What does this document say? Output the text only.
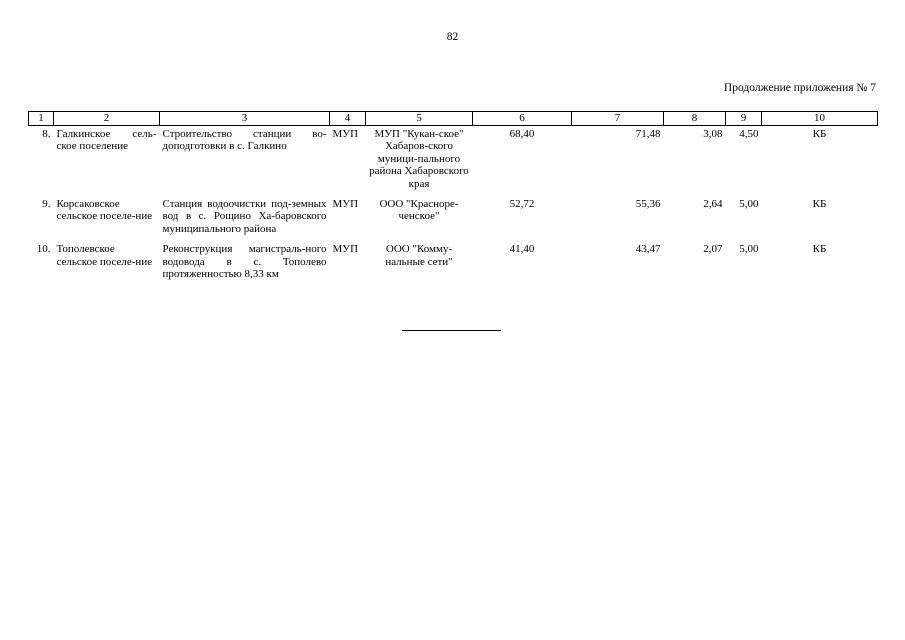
82
Продолжение приложения № 7
1	2	3	4	5	6	7	8	9	10
8.	Галкинское сель-ское поселение	Строительство станции во-доподготовки в с. Галкино	МУП	МУП "Кукан-ское" Хабаров-ского муници-пального района Хабаровского края	68,40	71,48	3,08	4,50	КБ
9.	Корсаковское сельское поселе-ние	Станция водоочистки под-земных вод в с. Рощино Ха-баровского муниципального района	МУП	ООО "Красноре-ченское"	52,72	55,36	2,64	5,00	КБ
10.	Тополевское сельское поселе-ние	Реконструкция магистраль-ного водовода в с. Тополево протяженностью 8,33 км	МУП	ООО "Комму-нальные сети"	41,40	43,47	2,07	5,00	КБ
